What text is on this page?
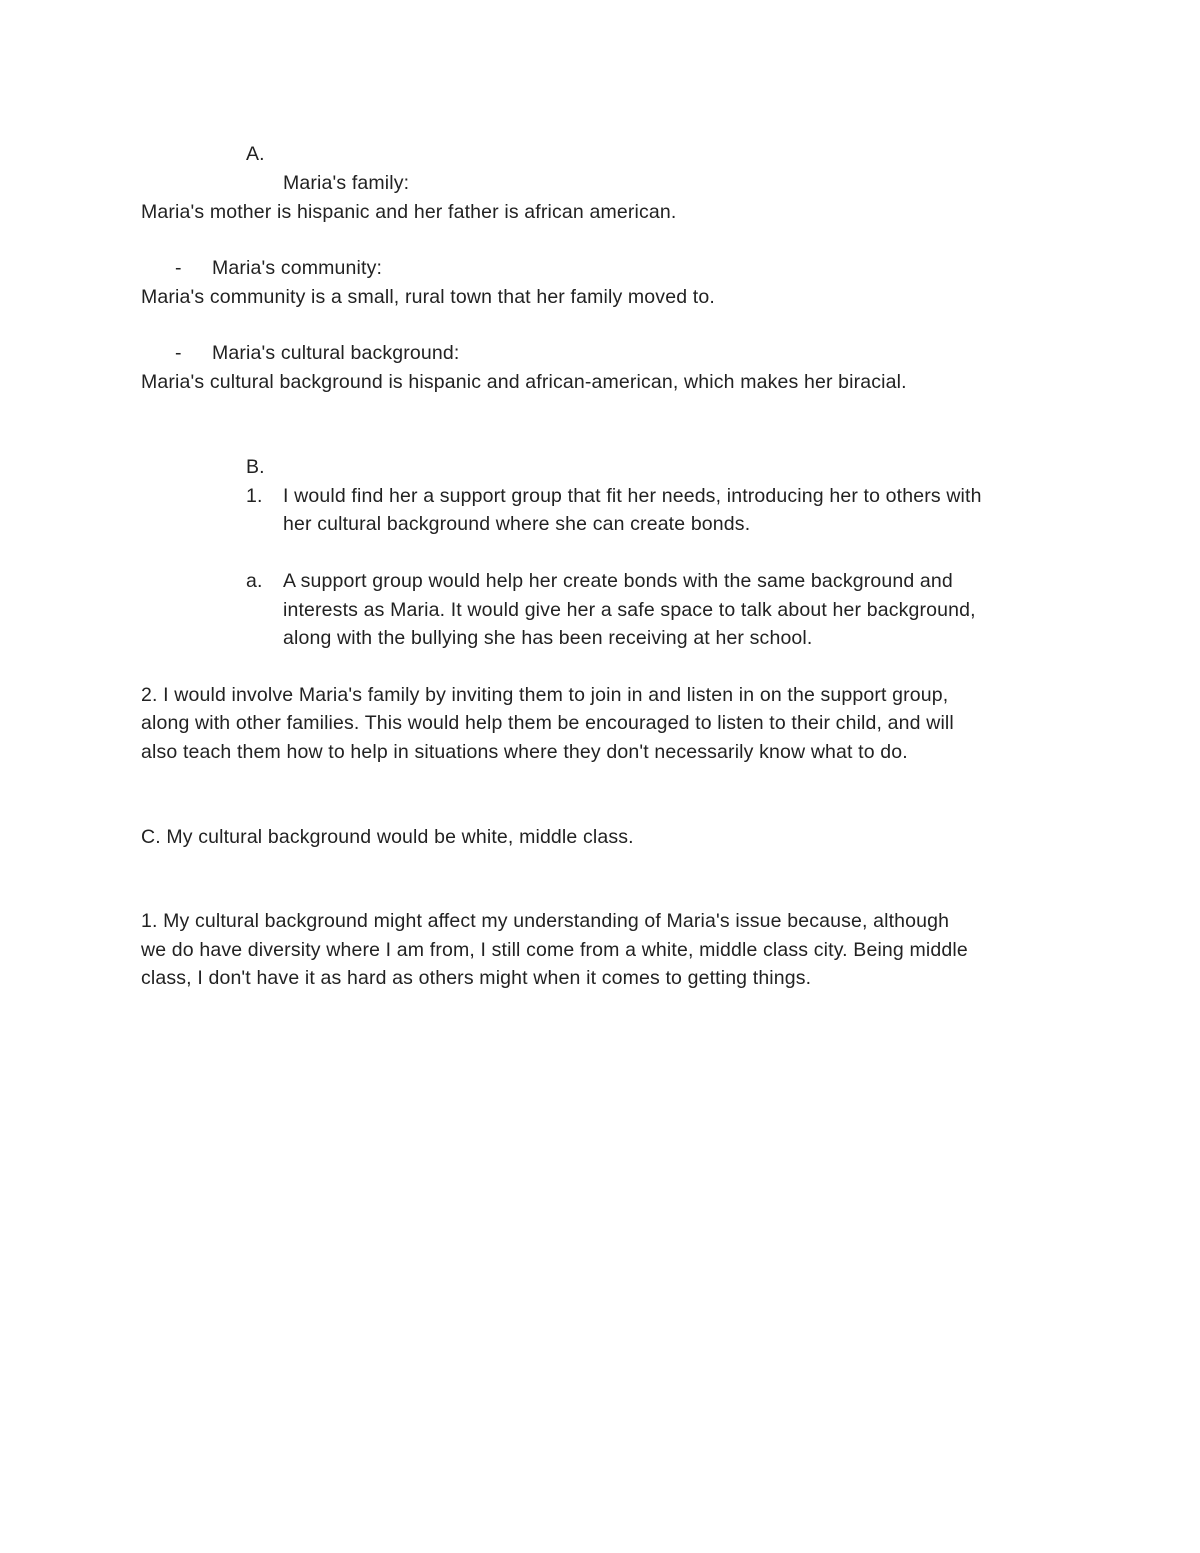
A.
Maria's family:
Maria's mother is hispanic and her father is african american.
- Maria's community:
Maria's community is a small, rural town that her family moved to.
- Maria's cultural background:
Maria's cultural background is hispanic and african-american, which makes her biracial.
B.
1. I would find her a support group that fit her needs, introducing her to others with
her cultural background where she can create bonds.
a. A support group would help her create bonds with the same background and
interests as Maria. It would give her a safe space to talk about her background,
along with the bullying she has been receiving at her school.
2. I would involve Maria's family by inviting them to join in and listen in on the support group,
along with other families. This would help them be encouraged to listen to their child, and will
also teach them how to help in situations where they don't necessarily know what to do.
C. My cultural background would be white, middle class.
1. My cultural background might affect my understanding of Maria's issue because, although
we do have diversity where I am from, I still come from a white, middle class city. Being middle
class, I don't have it as hard as others might when it comes to getting things.
